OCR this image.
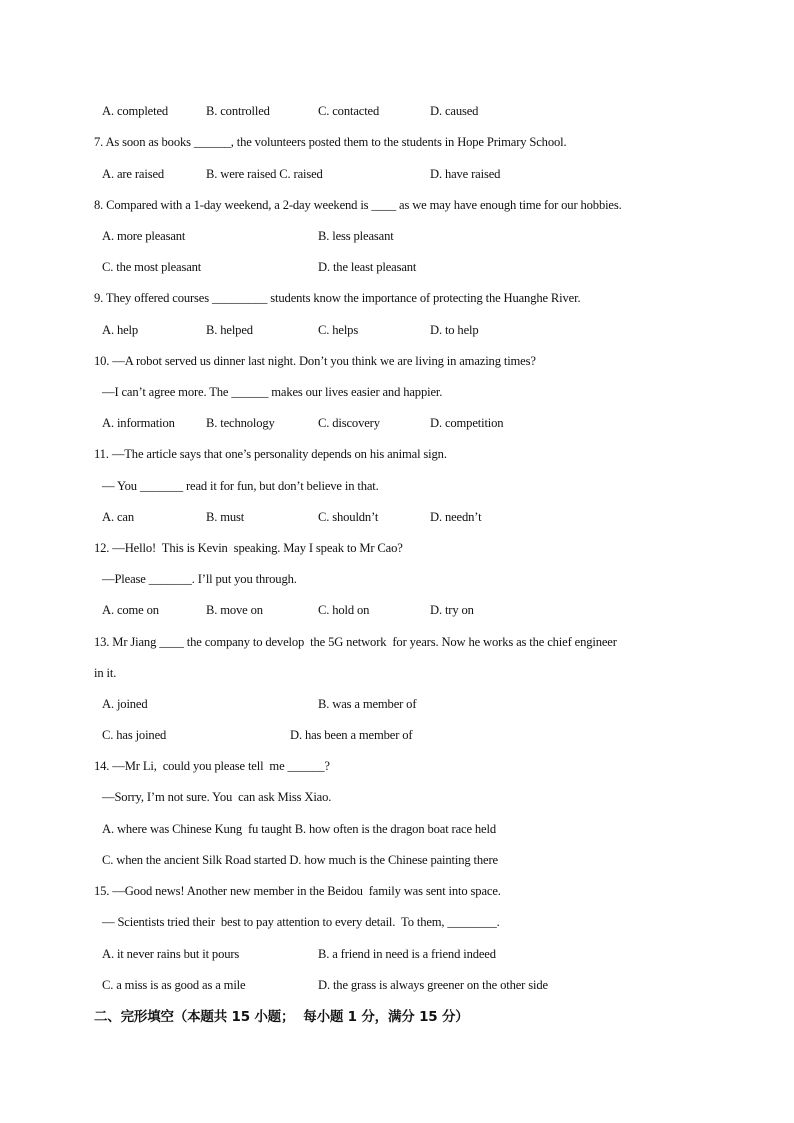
A. completed	B. controlled	C. contacted	D. caused
7. As soon as books ______, the volunteers posted them to the students in Hope Primary School.
A. are raised	B. were raised C. raised	D. have raised
8. Compared with a 1-day weekend, a 2-day weekend is ____ as we may have enough time for our hobbies.
A. more pleasant	B. less pleasant
C. the most pleasant	D. the least pleasant
9. They offered courses _________ students know the importance of protecting the Huanghe River.
A. help	B. helped	C. helps	D. to help
10. —A robot served us dinner last night. Don’t you think we are living in amazing times?
—I can’t agree more. The ______ makes our lives easier and happier.
A. information B. technology	C. discovery	D. competition
11. —The article says that one’s personality depends on his animal sign.
— You _______ read it for fun, but don’t believe in that.
A. can	B. must	C. shouldn’t	D. needn’t
12. —Hello!  This is Kevin  speaking. May I speak to Mr Cao?
—Please _______. I’ll put you through.
A. come on	B. move on	C. hold on	D. try on
13. Mr Jiang ____ the company to develop  the 5G network  for years. Now he works as the chief engineer
in it.
A. joined	B. was a member of
C. has joined	D. has been a member of
14. —Mr Li,  could you please tell  me ______?
—Sorry, I’m not sure. You  can ask Miss Xiao.
A. where was Chinese Kung  fu taught B. how often is the dragon boat race held
C. when the ancient Silk Road started D. how much is the Chinese painting there
15. —Good news! Another new member in the Beidou  family was sent into space.
— Scientists tried their  best to pay attention to every detail.  To them, ________.
A. it never rains but it pours	B. a friend in need is a friend indeed
C. a miss is as good as a mile	D. the grass is always greener on the other side
二、完形填空（本题共 15 小题；  每小题 1 分，满分 15 分）
